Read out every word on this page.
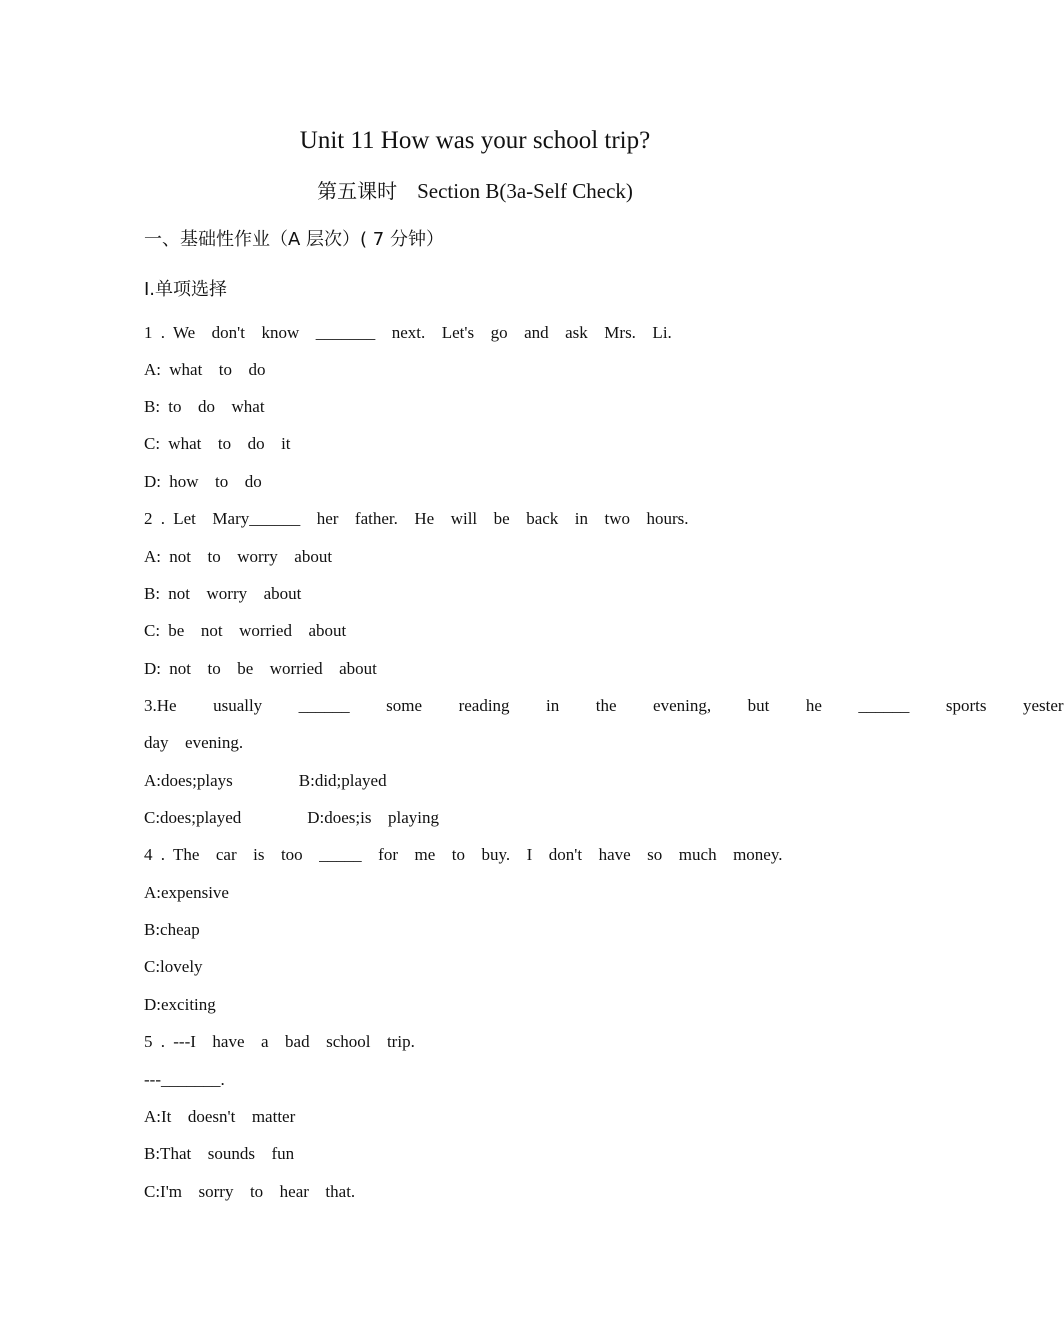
Unit 11 How was your school trip?
第五课时 Section B(3a-Self Check)
一、基础性作业（A 层次）( 7 分钟）
I.单项选择
1 . We  don't  know  _______  next.  Let's  go  and  ask  Mrs.  Li.
A: what  to  do
B: to  do  what
C: what  to  do  it
D: how  to  do
2 . Let  Mary______  her  father.  He  will  be  back  in  two  hours.
A: not  to  worry  about
B: not  worry  about
C: be  not  worried  about
D: not  to  be  worried  about
3.He  usually  ______  some  reading  in  the  evening,  but  he  ______  sports  yester
day  evening.
A:does;plays        B:did;played
C:does;played        D:does;is  playing
4 . The  car  is  too  _____  for  me  to  buy.  I  don't  have  so  much  money.
A:expensive
B:cheap
C:lovely
D:exciting
5 . ---I  have  a  bad  school  trip.
---_______.
A:It  doesn't  matter
B:That  sounds  fun
C:I'm  sorry  to  hear  that.
